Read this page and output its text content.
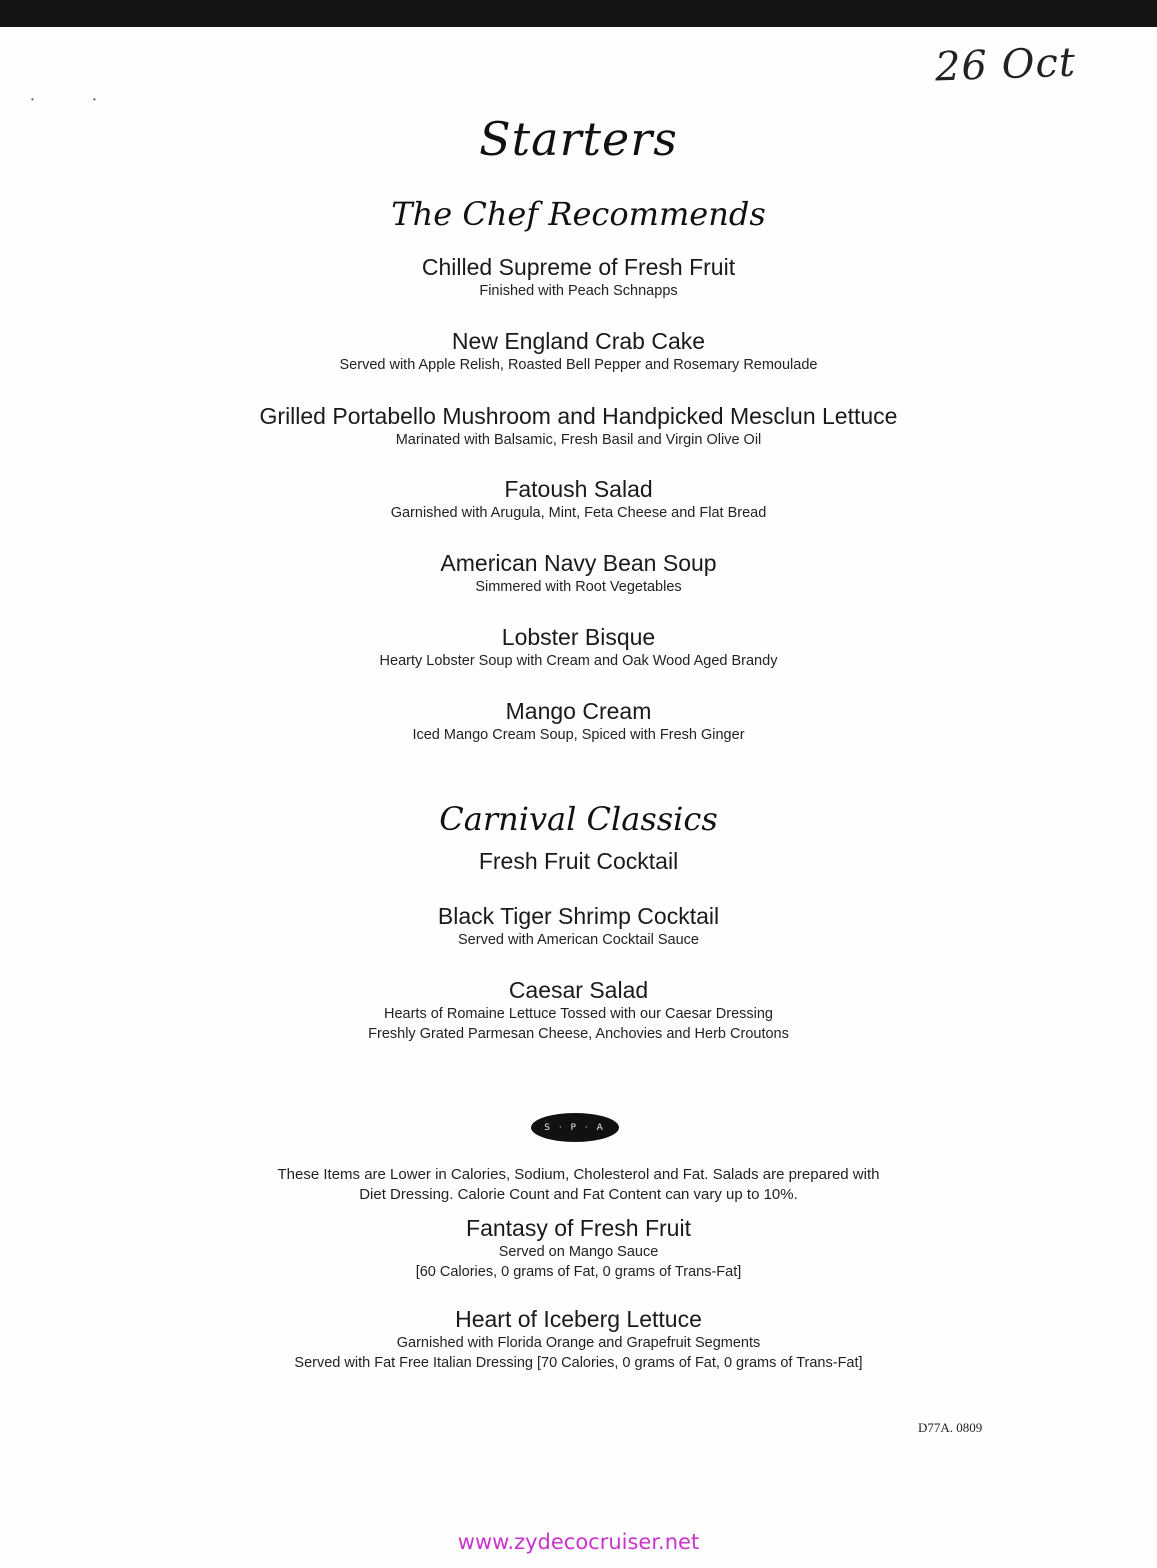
26 Oct
•	•
Starters
The Chef Recommends
Chilled Supreme of Fresh Fruit
Finished with Peach Schnapps
New England Crab Cake
Served with Apple Relish, Roasted Bell Pepper and Rosemary Remoulade
Grilled Portabello Mushroom and Handpicked Mesclun Lettuce
Marinated with Balsamic, Fresh Basil and Virgin Olive Oil
Fatoush Salad
Garnished with Arugula, Mint, Feta Cheese and Flat Bread
American Navy Bean Soup
Simmered with Root Vegetables
Lobster Bisque
Hearty Lobster Soup with Cream and Oak Wood Aged Brandy
Mango Cream
Iced Mango Cream Soup, Spiced with Fresh Ginger
Carnival Classics
Fresh Fruit Cocktail
Black Tiger Shrimp Cocktail
Served with American Cocktail Sauce
Caesar Salad
Hearts of Romaine Lettuce Tossed with our Caesar Dressing
Freshly Grated Parmesan Cheese, Anchovies and Herb Croutons
S · P · A
These Items are Lower in Calories, Sodium, Cholesterol and Fat. Salads are prepared with
Diet Dressing. Calorie Count and Fat Content can vary up to 10%.
Fantasy of Fresh Fruit
Served on Mango Sauce
[60 Calories, 0 grams of Fat, 0 grams of Trans-Fat]
Heart of Iceberg Lettuce
Garnished with Florida Orange and Grapefruit Segments
Served with Fat Free Italian Dressing [70 Calories, 0 grams of Fat, 0 grams of Trans-Fat]
D77A. 0809
www.zydecocruiser.net
